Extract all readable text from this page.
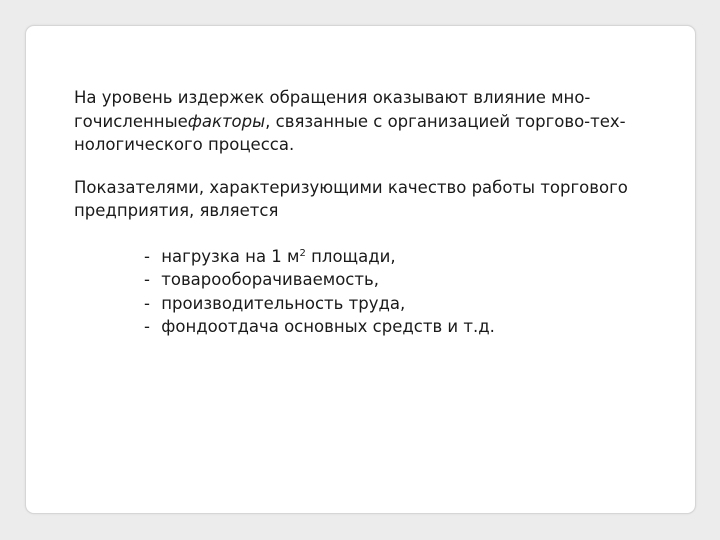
На уровень издержек обращения оказывают влияние мно-гочисленныефакторы, связанные с организацией торгово-тех-нологического процесса.

Показателями, характеризующими качество работы торгового предприятия, является

- нагрузка на 1 $м^2$ площади,
- товарооборачиваемость,
- производительность труда,
- фондоотдача основных средств и т.д.
